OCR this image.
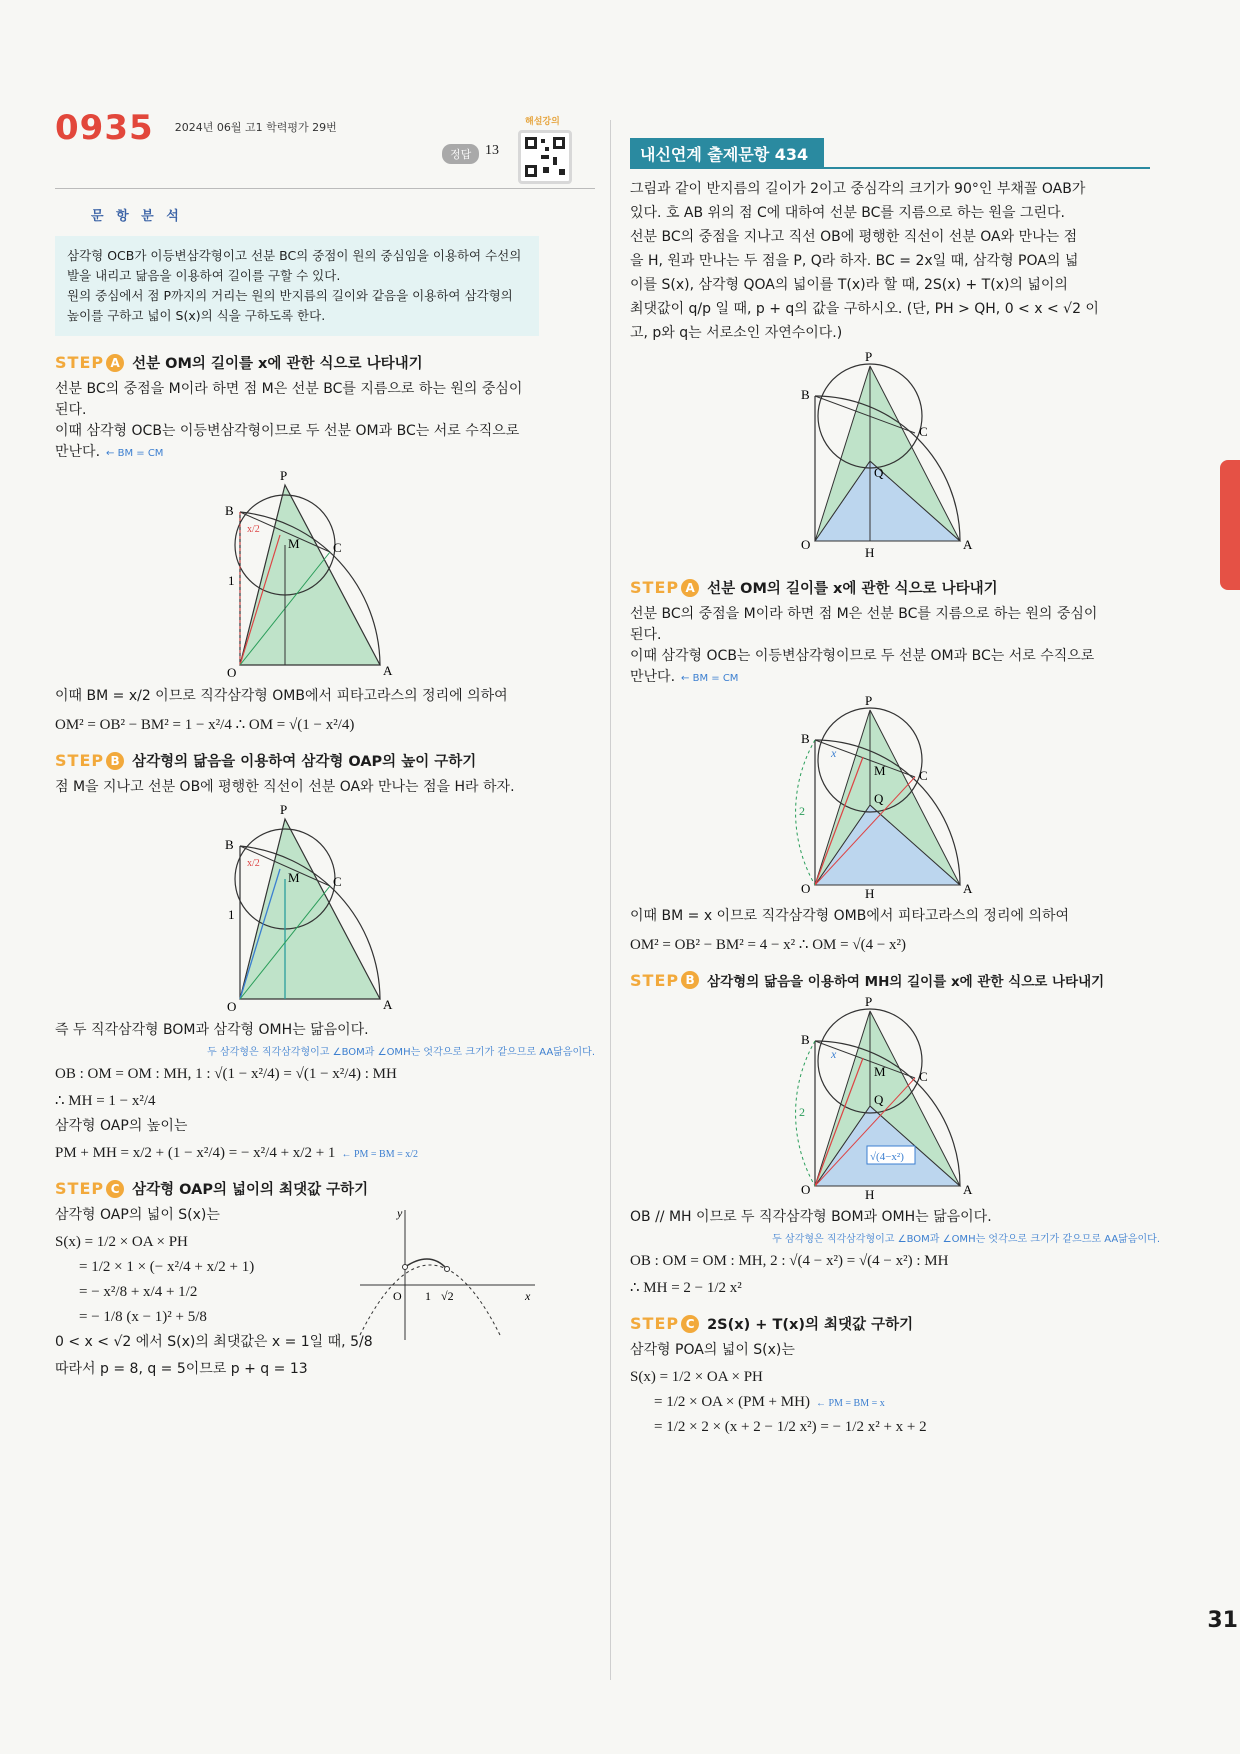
0935 $^{2024년 06월 고1 학력평가 29번}$
정답 13
해설강의
문 항 분 석
삼각형 OCB가 이등변삼각형이고 선분 BC의 중점이 원의 중심임을 이용하여 수선의
발을 내리고 닮음을 이용하여 길이를 구할 수 있다.
원의 중심에서 점 P까지의 거리는 원의 반지름의 길이와 같음을 이용하여 삼각형의
높이를 구하고 넓이 S(x)의 식을 구하도록 한다.
STEP A 선분 OM의 길이를 x에 관한 식으로 나타내기
선분 BC의 중점을 M이라 하면 점 M은 선분 BC를 지름으로 하는 원의 중심이
된다.
이때 삼각형 OCB는 이등변삼각형이므로 두 선분 OM과 BC는 서로 수직으로
만난다. ← BM = CM
P
B
C
M
O	A
1
x/2
이때 BM = x/2 이므로 직각삼각형 OMB에서 피타고라스의 정리에 의하여
OM² = OB² − BM² = 1 − x²/4 ∴ OM = √(1 − x²/4)
STEP B 삼각형의 닮음을 이용하여 삼각형 OAP의 높이 구하기
점 M을 지나고 선분 OB에 평행한 직선이 선분 OA와 만나는 점을 H라 하자.
P
B
C
M
O	A
1
x/2
즉 두 직각삼각형 BOM과 삼각형 OMH는 닮음이다.
두 삼각형은 직각삼각형이고 ∠BOM과 ∠OMH는 엇각으로 크기가 같으므로 AA닮음이다.
OB : OM = OM : MH, 1 : √(1 − x²/4) = √(1 − x²/4) : MH
∴ MH = 1 − x²/4
삼각형 OAP의 높이는
PM + MH = x/2 + (1 − x²/4) = − x²/4 + x/2 + 1 ← PM = BM = x/2
STEP C 삼각형 OAP의 넓이의 최댓값 구하기
삼각형 OAP의 넓이 S(x)는
S(x) = 1/2 × OA × PH
= 1/2 × 1 × (− x²/4 + x/2 + 1)
= − x²/8 + x/4 + 1/2
= − 1/8 (x − 1)² + 5/8
y
x
O 1 √2
0 < x < √2 에서 S(x)의 최댓값은 x = 1일 때, 5/8
따라서 p = 8, q = 5이므로 p + q = 13
내신연계 출제문항 434
그림과 같이 반지름의 길이가 2이고 중심각의 크기가 90°인 부채꼴 OAB가
있다. 호 AB 위의 점 C에 대하여 선분 BC를 지름으로 하는 원을 그린다.
선분 BC의 중점을 지나고 직선 OB에 평행한 직선이 선분 OA와 만나는 점
을 H, 원과 만나는 두 점을 P, Q라 하자. BC = 2x일 때, 삼각형 POA의 넓
이를 S(x), 삼각형 QOA의 넓이를 T(x)라 할 때, 2S(x) + T(x)의 넓이의
최댓값이 q/p 일 때, p + q의 값을 구하시오. (단, PH > QH, 0 < x < √2 이
고, p와 q는 서로소인 자연수이다.)
P
B
C
Q
O	A
H
STEP A 선분 OM의 길이를 x에 관한 식으로 나타내기
선분 BC의 중점을 M이라 하면 점 M은 선분 BC를 지름으로 하는 원의 중심이
된다.
이때 삼각형 OCB는 이등변삼각형이므로 두 선분 OM과 BC는 서로 수직으로
만난다. ← BM = CM
P
B
C
M
Q
O	A
H
x
2
이때 BM = x 이므로 직각삼각형 OMB에서 피타고라스의 정리에 의하여
OM² = OB² − BM² = 4 − x² ∴ OM = √(4 − x²)
STEP B 삼각형의 닮음을 이용하여 MH의 길이를 x에 관한 식으로 나타내기
P
B
C
M
Q
O	A
H
x
2
√(4−x²)
OB // MH 이므로 두 직각삼각형 BOM과 OMH는 닮음이다.
두 삼각형은 직각삼각형이고 ∠BOM과 ∠OMH는 엇각으로 크기가 같으므로 AA닮음이다.
OB : OM = OM : MH, 2 : √(4 − x²) = √(4 − x²) : MH
∴ MH = 2 − 1/2 x²
STEP C 2S(x) + T(x)의 최댓값 구하기
삼각형 POA의 넓이 S(x)는
S(x) = 1/2 × OA × PH
= 1/2 × OA × (PM + MH) ← PM = BM = x
= 1/2 × 2 × (x + 2 − 1/2 x²) = − 1/2 x² + x + 2
31
